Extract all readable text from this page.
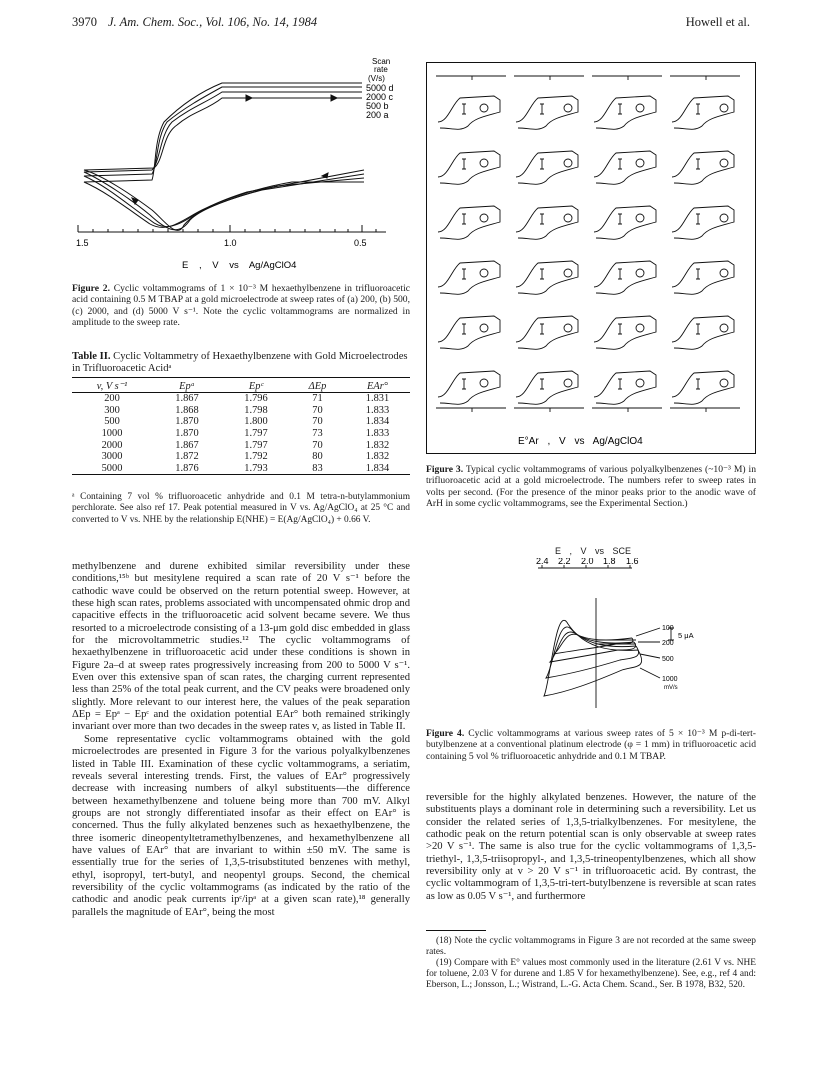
3970 J. Am. Chem. Soc., Vol. 106, No. 14, 1984	Howell et al.
Scan
rate
(V/s)
5000 d
2000 c
500 b
200 a
1.5	1.0	0.5
E , V vs Ag/AgClO4
Figure 2. Cyclic voltammograms of 1 × 10⁻³ M hexaethylbenzene in trifluoroacetic acid containing 0.5 M TBAP at a gold microelectrode at sweep rates of (a) 200, (b) 500, (c) 2000, and (d) 5000 V s⁻¹. Note the cyclic voltammograms are normalized in amplitude to the sweep rate.
Table II. Cyclic Voltammetry of Hexaethylbenzene with Gold Microelectrodes in Trifluoroacetic Acidᵃ
v, V s⁻¹	Epᵃ	Epᶜ	ΔEp	EAr°
200	1.867	1.796	71	1.831
300	1.868	1.798	70	1.833
500	1.870	1.800	70	1.834
1000	1.870	1.797	73	1.833
2000	1.867	1.797	70	1.832
3000	1.872	1.792	80	1.832
5000	1.876	1.793	83	1.834
ᵃ Containing 7 vol % trifluoroacetic anhydride and 0.1 M tetra-n-butylammonium perchlorate. See also ref 17. Peak potential measured in V vs. Ag/AgClO₄ at 25 °C and converted to V vs. NHE by the relationship E(NHE) = E(Ag/AgClO₄) + 0.66 V.

methylbenzene and durene exhibited similar reversibility under these conditions,¹⁵ᵇ but mesitylene required a scan rate of 20 V s⁻¹ before the cathodic wave could be observed on the return potential sweep. However, at these high scan rates, problems associated with uncompensated ohmic drop and capacitive effects in the trifluoroacetic acid solvent became severe. We thus resorted to a microelectrode consisting of a 13-μm gold disc embedded in glass for the microvoltammetric studies.¹² The cyclic voltammograms of hexaethylbenzene in trifluoroacetic acid under these conditions is shown in Figure 2a–d at sweep rates progressively increasing from 200 to 5000 V s⁻¹. Even over this extensive span of scan rates, the charging current represented less than 25% of the total peak current, and the CV peaks were broadened only slightly. More relevant to our interest here, the values of the peak separation ΔEp = Epᵃ − Epᶜ and the oxidation potential EAr° both remained strikingly invariant over more than two decades in the sweep rates v, as listed in Table II.

Some representative cyclic voltammograms obtained with the gold microelectrodes are presented in Figure 3 for the various polyalkylbenzenes listed in Table III. Examination of these cyclic voltammograms, a seriatim, reveals several interesting trends. First, the values of EAr° progressively decrease with increasing numbers of alkyl substituents—the difference between hexamethylbenzene and toluene being more than 700 mV. Alkyl groups are not strongly differentiated insofar as their effect on EAr° is concerned. Thus the fully alkylated benzenes such as hexaethylbenzene, the three isomeric dineopentyltetramethylbenzenes, and hexamethylbenzene all have values of EAr° that are invariant to within ±50 mV. The same is essentially true for the series of 1,3,5-trisubstituted benzenes with methyl, ethyl, isopropyl, tert-butyl, and neopentyl groups. Second, the chemical reversibility of the cyclic voltammograms (as indicated by the ratio of the cathodic and anodic peak currents ipᶜ/ipᵃ at a given scan rate),¹⁸ generally parallels the magnitude of EAr°, being the most

E°Ar , V vs Ag/AgClO4
Figure 3. Typical cyclic voltammograms of various polyalkylbenzenes (~10⁻³ M) in trifluoroacetic acid at a gold microelectrode. The numbers refer to sweep rates in volts per second. (For the presence of the minor peaks prior to the anodic wave of ArH in some cyclic voltammograms, see the Experimental Section.)
E , V vs SCE
2.4 2.2 2.0 1.8 1.6
100
200
500
1000
mV/s
5 μA
Figure 4. Cyclic voltammograms at various sweep rates of 5 × 10⁻³ M p-di-tert-butylbenzene at a conventional platinum electrode (φ = 1 mm) in trifluoroacetic acid containing 5 vol % trifluoroacetic anhydride and 0.1 M TBAP.

reversible for the highly alkylated benzenes. However, the nature of the substituents plays a dominant role in determining such a reversibility. Let us consider the related series of 1,3,5-trialkylbenzenes. For mesitylene, the cathodic peak on the return potential scan is only observable at sweep rates >20 V s⁻¹. The same is also true for the cyclic voltammograms of 1,3,5-triethyl-, 1,3,5-triisopropyl-, and 1,3,5-trineopentylbenzenes, which all show reversibility only at v > 20 V s⁻¹ in trifluoroacetic acid. By contrast, the cyclic voltammogram of 1,3,5-tri-tert-butylbenzene is reversible at scan rates as low as 0.05 V s⁻¹, and furthermore

(18) Note the cyclic voltammograms in Figure 3 are not recorded at the same sweep rates.
(19) Compare with E° values most commonly used in the literature (2.61 V vs. NHE for toluene, 2.03 V for durene and 1.85 V for hexamethylbenzene). See, e.g., ref 4 and: Eberson, L.; Jonsson, L.; Wistrand, L.-G. Acta Chem. Scand., Ser. B 1978, B32, 520.
